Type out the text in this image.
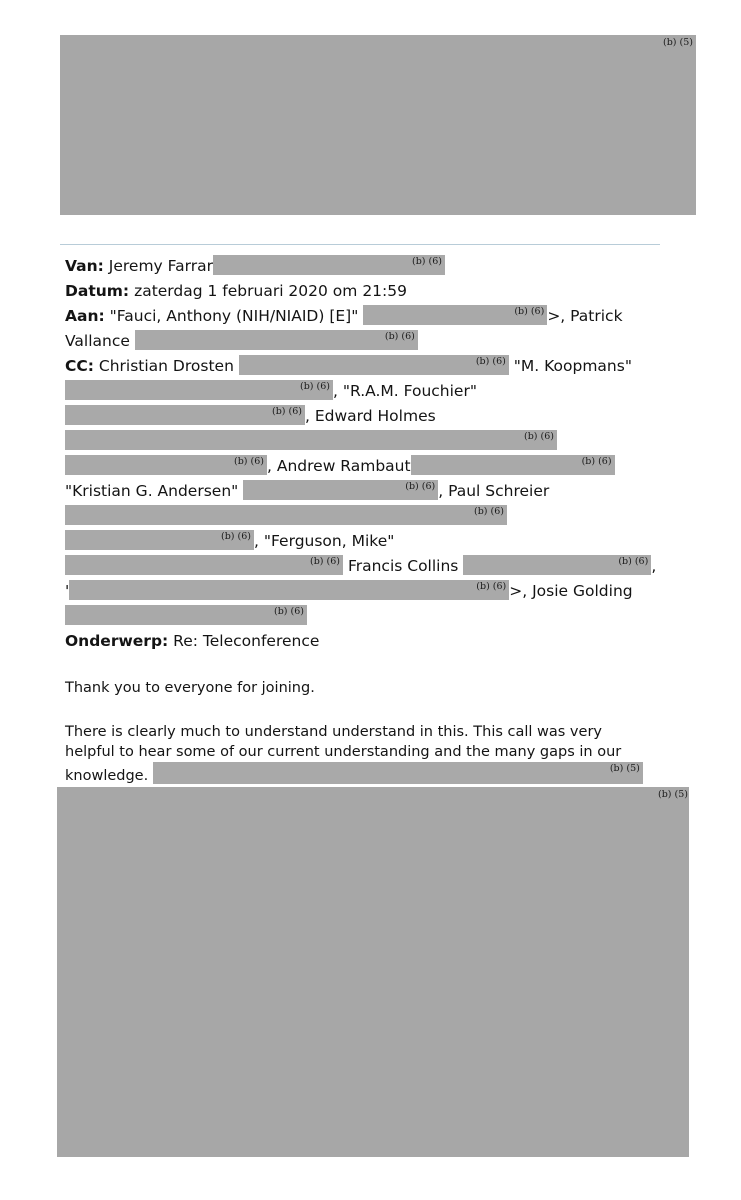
(b) (5)
Van: Jeremy Farrar	(b) (6)
Datum: zaterdag 1 februari 2020 om 21:59
Aan: "Fauci, Anthony (NIH/NIAID) [E]"	(b) (6) >, Patrick
Vallance	(b) (6)
CC: Christian Drosten	(b) (6) "M. Koopmans"
(b) (6) , "R.A.M. Fouchier"
(b) (6) , Edward Holmes
(b) (6)
(b) (6) , Andrew Rambaut	(b) (6)
"Kristian G. Andersen"	(b) (6) , Paul Schreier
(b) (6)
(b) (6) , "Ferguson, Mike"
(b) (6) Francis Collins	(b) (6) ,
'	(b) (6) >, Josie Golding
(b) (6)
Onderwerp: Re: Teleconference
Thank you to everyone for joining.
There is clearly much to understand understand in this. This call was very
helpful to hear some of our current understanding and the many gaps in our
knowledge.	(b) (5)
(b) (5)
